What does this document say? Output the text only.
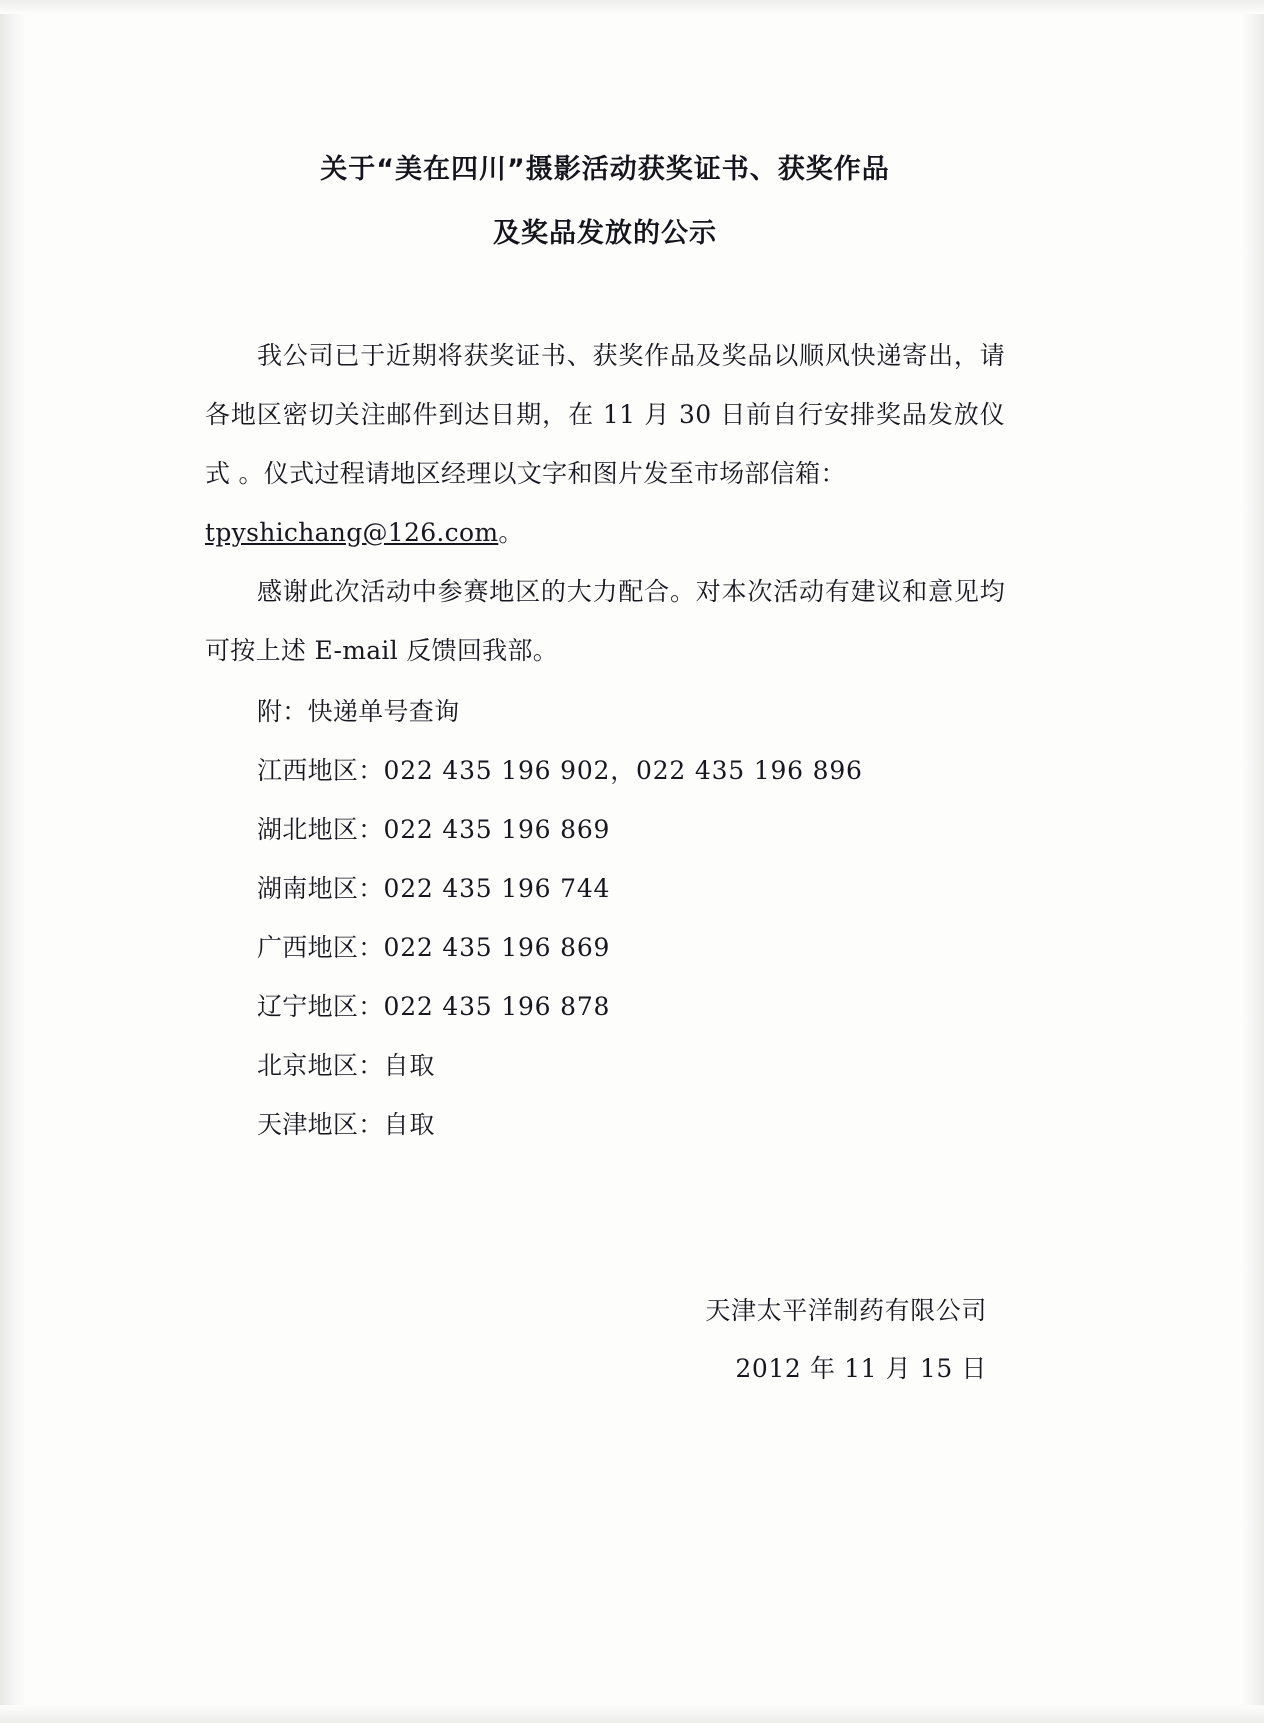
关于“美在四川”摄影活动获奖证书、获奖作品
及奖品发放的公示
我公司已于近期将获奖证书、获奖作品及奖品以顺风快递寄出，请各地区密切关注邮件到达日期，在 11 月 30 日前自行安排奖品发放仪式 。仪式过程请地区经理以文字和图片发至市场部信箱：
tpyshichang@126.com。
感谢此次活动中参赛地区的大力配合。对本次活动有建议和意见均可按上述 E-mail 反馈回我部。
附：快递单号查询
江西地区：022 435 196 902，022 435 196 896
湖北地区：022 435 196 869
湖南地区：022 435 196 744
广西地区：022 435 196 869
辽宁地区：022 435 196 878
北京地区：自取
天津地区：自取
天津太平洋制药有限公司
2012 年 11 月 15 日
